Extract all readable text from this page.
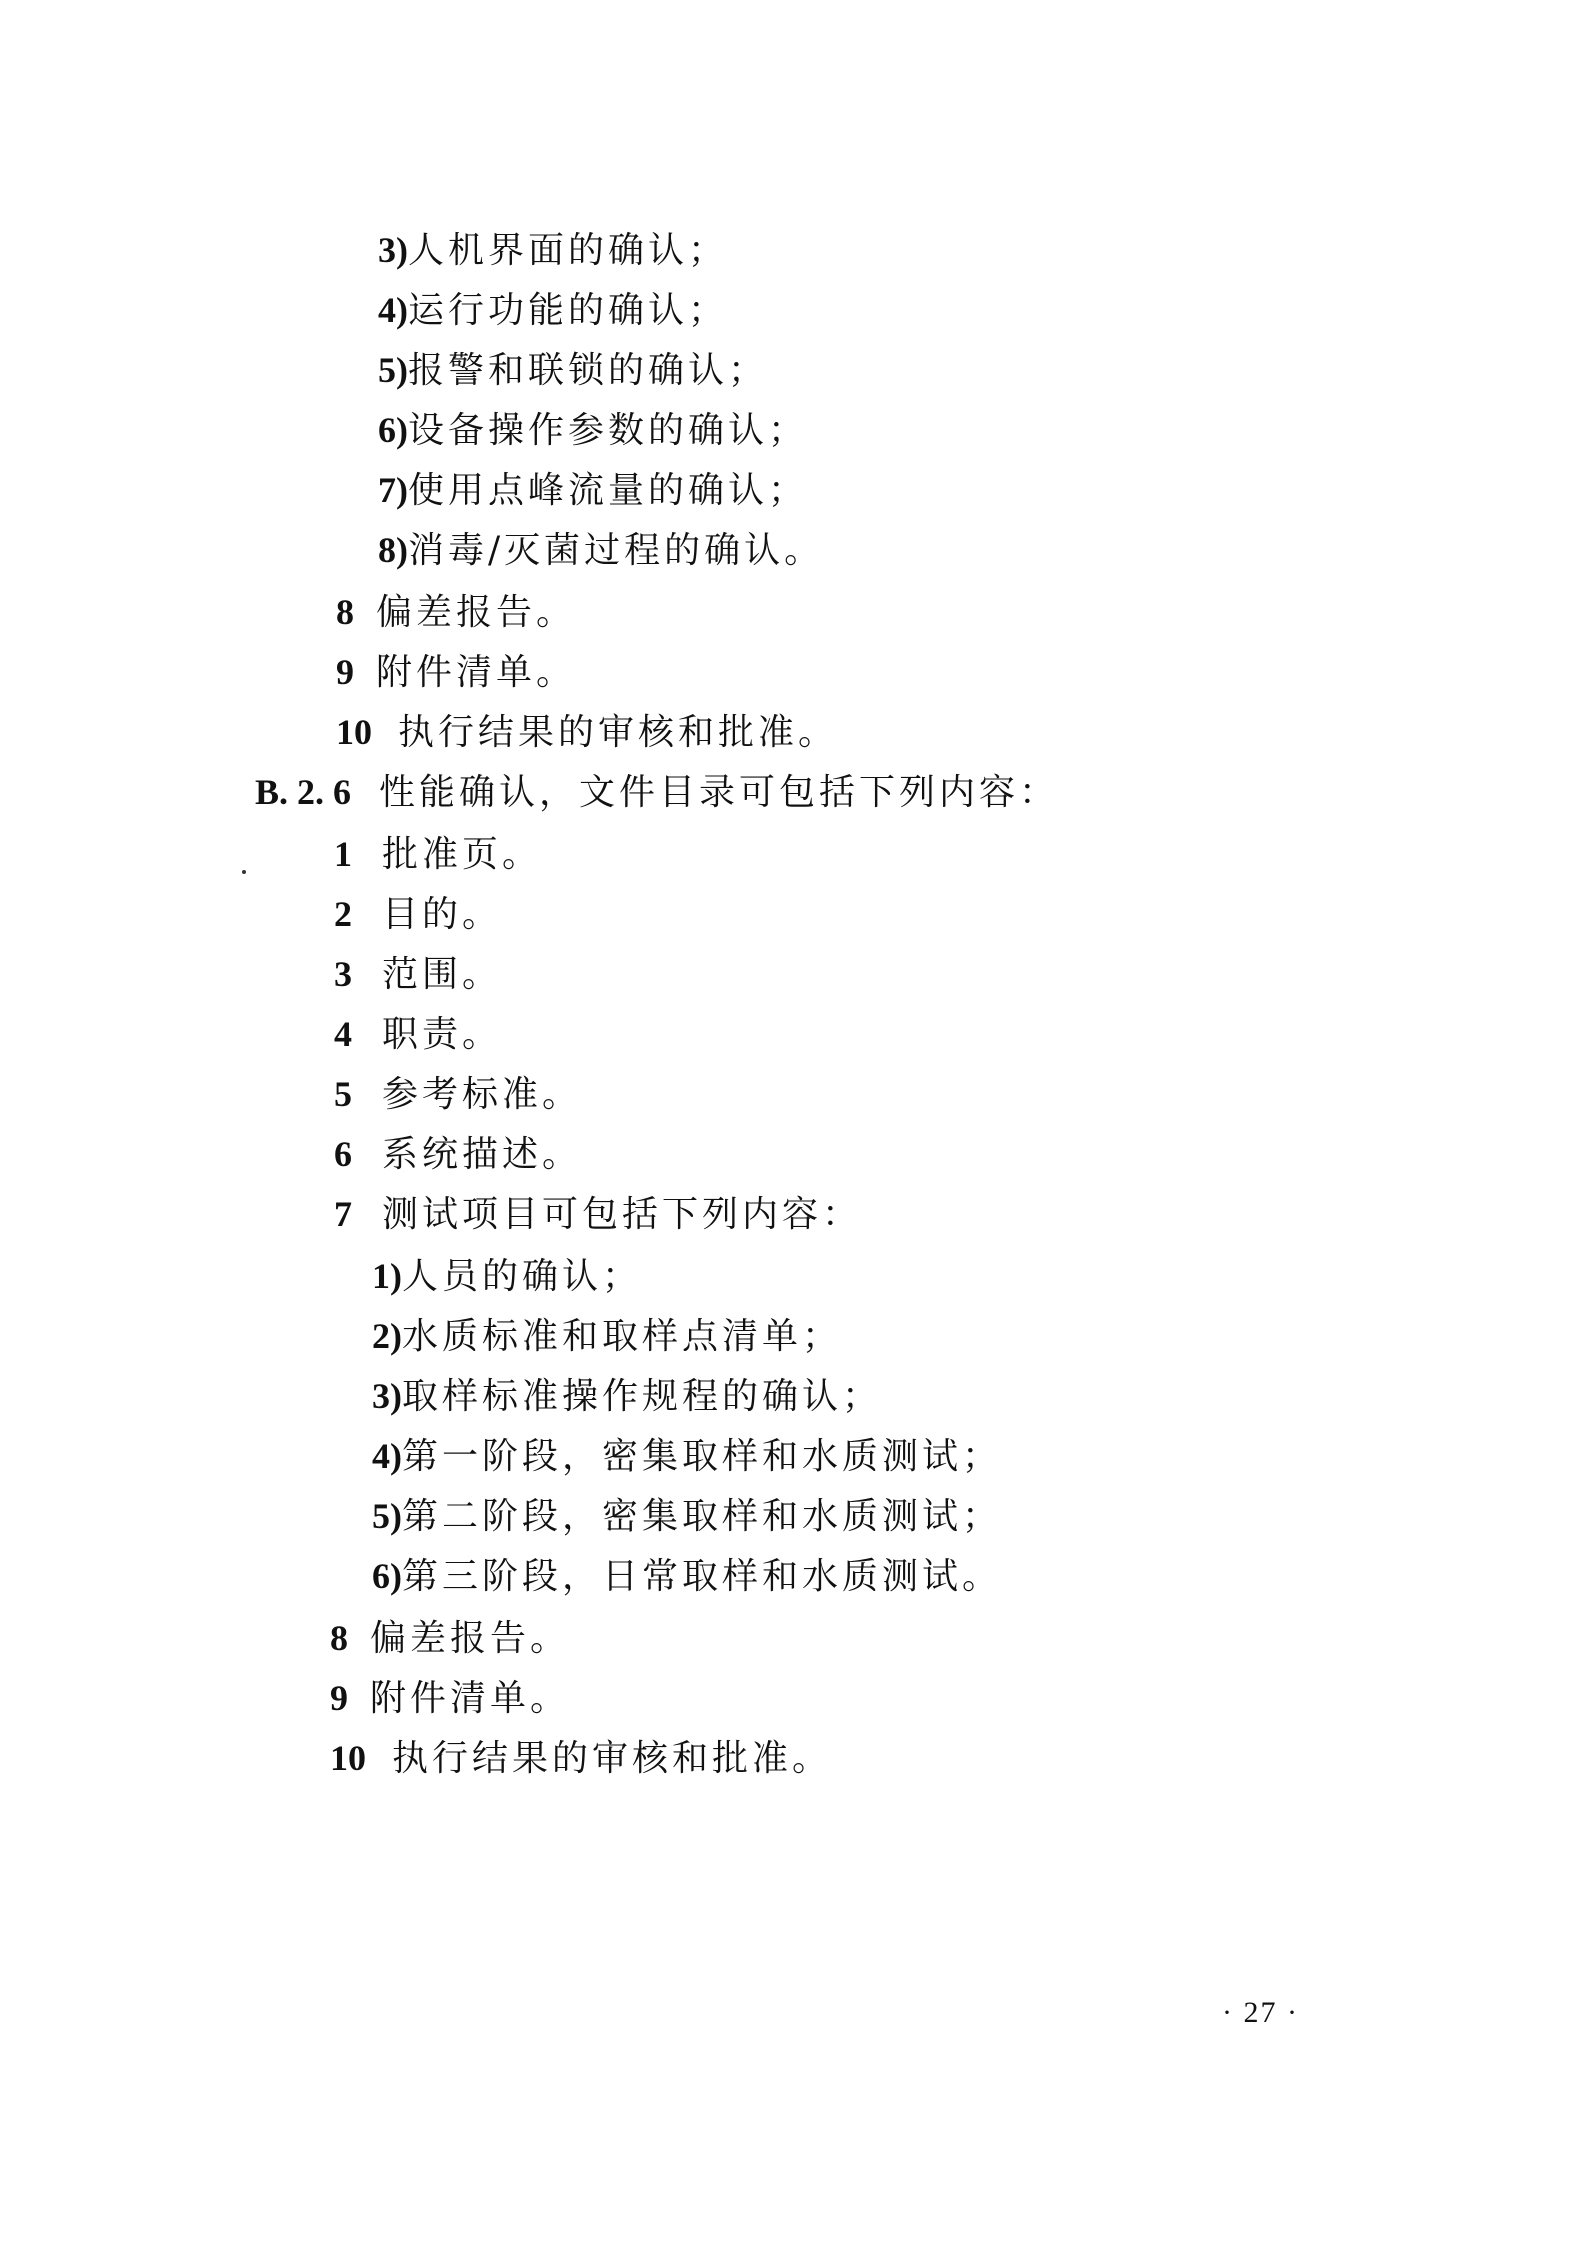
3)人机界面的确认；
4)运行功能的确认；
5)报警和联锁的确认；
6)设备操作参数的确认；
7)使用点峰流量的确认；
8)消毒/灭菌过程的确认。
8 偏差报告。
9 附件清单。
10 执行结果的审核和批准。
B. 2. 6 性能确认，文件目录可包括下列内容：
1 批准页。
2 目的。
3 范围。
4 职责。
5 参考标准。
6 系统描述。
7 测试项目可包括下列内容：
1)人员的确认；
2)水质标准和取样点清单；
3)取样标准操作规程的确认；
4)第一阶段，密集取样和水质测试；
5)第二阶段，密集取样和水质测试；
6)第三阶段，日常取样和水质测试。
8 偏差报告。
9 附件清单。
10 执行结果的审核和批准。
· 27 ·
